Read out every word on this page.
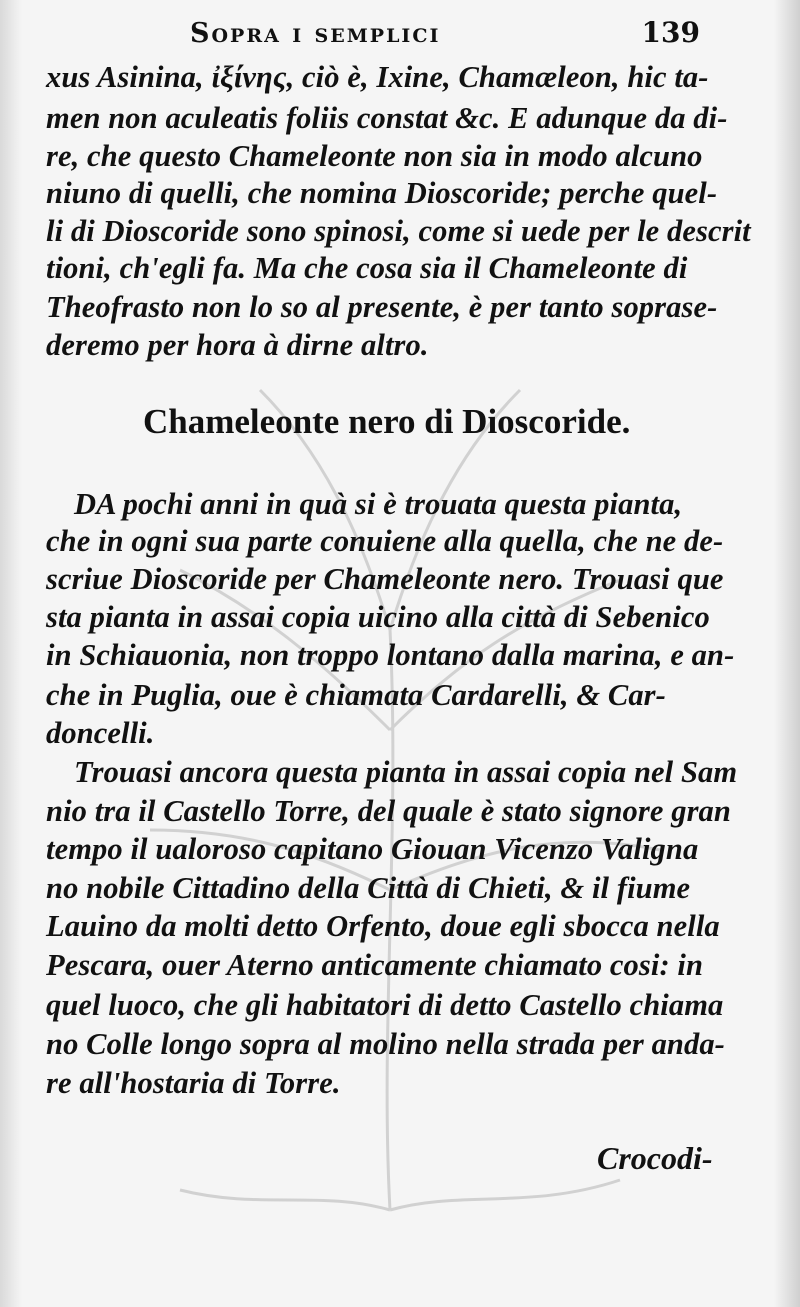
Sopra i semplici	139
xus Asinina, ἰξίνης, ciò è, Ixine, Chamæleon, hic ta-
men non aculeatis foliis constat &c. E adunque da di-
re, che questo Chameleonte non sia in modo alcuno
niuno di quelli, che nomina Dioscoride; perche quel-
li di Dioscoride sono spinosi, come si uede per le descrit
tioni, ch'egli fa. Ma che cosa sia il Chameleonte di
Theofrasto non lo so al presente, è per tanto soprase-
deremo per hora à dirne altro.
Chameleonte nero di Dioscoride.
DA pochi anni in quà si è trouata questa pianta,
che in ogni sua parte conuiene alla quella, che ne de-
scriue Dioscoride per Chameleonte nero. Trouasi que
sta pianta in assai copia uicino alla città di Sebenico
in Schiauonia, non troppo lontano dalla marina, e an-
che in Puglia, oue è chiamata Cardarelli, & Car-
doncelli.
Trouasi ancora questa pianta in assai copia nel Sam
nio tra il Castello Torre, del quale è stato signore gran
tempo il ualoroso capitano Giouan Vicenzo Valigna
no nobile Cittadino della Città di Chieti, & il fiume
Lauino da molti detto Orfento, doue egli sbocca nella
Pescara, ouer Aterno anticamente chiamato cosi: in
quel luoco, che gli habitatori di detto Castello chiama
no Colle longo sopra al molino nella strada per anda-
re all'hostaria di Torre.
Crocodi-
